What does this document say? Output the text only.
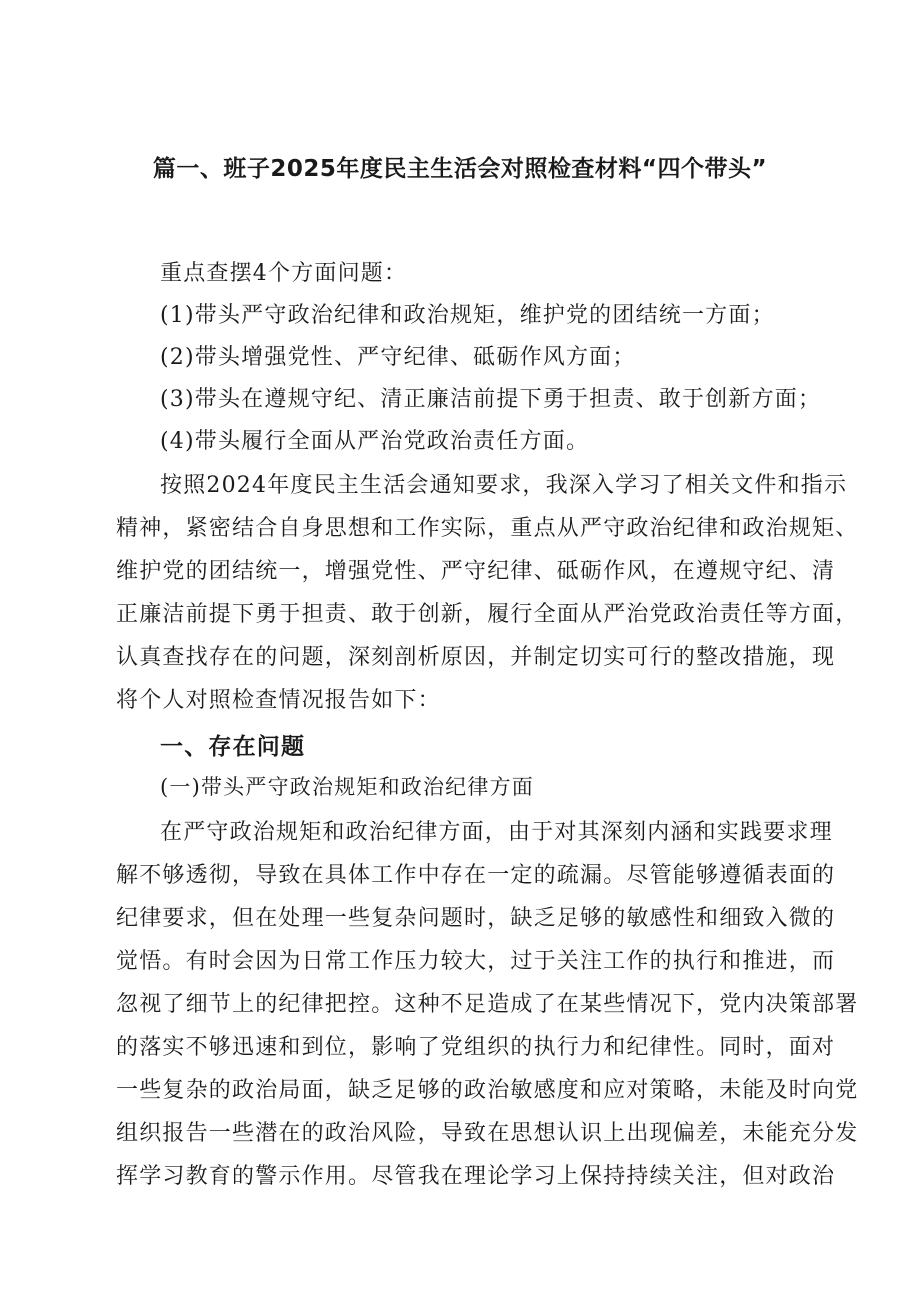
篇一、班子2025年度民主生活会对照检查材料“四个带头”
重点查摆4个方面问题：
(1)带头严守政治纪律和政治规矩，维护党的团结统一方面；
(2)带头增强党性、严守纪律、砥砺作风方面；
(3)带头在遵规守纪、清正廉洁前提下勇于担责、敢于创新方面；
(4)带头履行全面从严治党政治责任方面。
按照2024年度民主生活会通知要求，我深入学习了相关文件和指示
精神，紧密结合自身思想和工作实际，重点从严守政治纪律和政治规矩、
维护党的团结统一，增强党性、严守纪律、砥砺作风，在遵规守纪、清
正廉洁前提下勇于担责、敢于创新，履行全面从严治党政治责任等方面，
认真查找存在的问题，深刻剖析原因，并制定切实可行的整改措施，现
将个人对照检查情况报告如下：
一、存在问题
(一)带头严守政治规矩和政治纪律方面
在严守政治规矩和政治纪律方面，由于对其深刻内涵和实践要求理
解不够透彻，导致在具体工作中存在一定的疏漏。尽管能够遵循表面的
纪律要求，但在处理一些复杂问题时，缺乏足够的敏感性和细致入微的
觉悟。有时会因为日常工作压力较大，过于关注工作的执行和推进，而
忽视了细节上的纪律把控。这种不足造成了在某些情况下，党内决策部署
的落实不够迅速和到位，影响了党组织的执行力和纪律性。同时，面对
一些复杂的政治局面，缺乏足够的政治敏感度和应对策略，未能及时向党
组织报告一些潜在的政治风险，导致在思想认识上出现偏差，未能充分发
挥学习教育的警示作用。尽管我在理论学习上保持持续关注，但对政治
